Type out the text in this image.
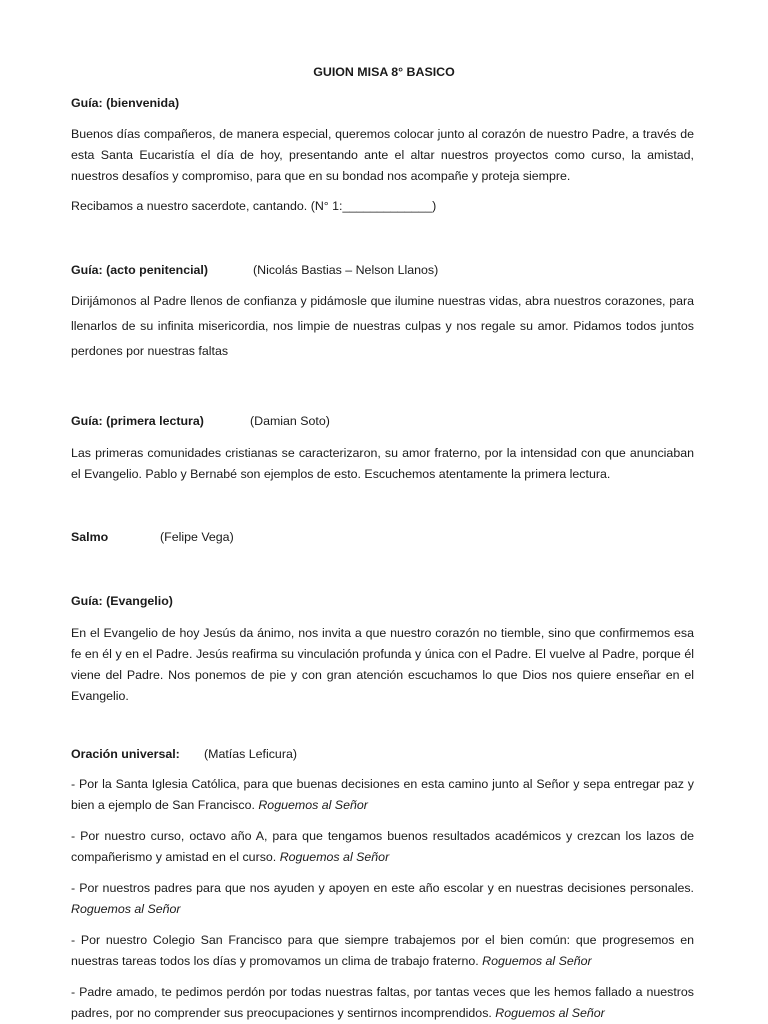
GUION MISA 8° BASICO
Guía: (bienvenida)
Buenos días compañeros, de manera especial, queremos colocar junto al corazón de nuestro Padre, a través de esta Santa Eucaristía el día de hoy, presentando ante el altar nuestros proyectos como curso, la amistad, nuestros desafíos y compromiso, para que en su bondad nos acompañe y proteja siempre.
Recibamos a nuestro sacerdote, cantando. (N° 1:_____________)
Guía: (acto penitencial)	(Nicolás Bastias – Nelson Llanos)
Dirijámonos al Padre llenos de confianza y pidámosle que ilumine nuestras vidas, abra nuestros corazones, para llenarlos de su infinita misericordia, nos limpie de nuestras culpas y nos regale su amor. Pidamos todos juntos perdones por nuestras faltas
Guía: (primera lectura)	(Damian Soto)
Las primeras comunidades cristianas se caracterizaron, su amor fraterno, por la intensidad con que anunciaban el Evangelio. Pablo y Bernabé son ejemplos de esto. Escuchemos atentamente la primera lectura.
Salmo	(Felipe Vega)
Guía: (Evangelio)
En el Evangelio de hoy Jesús da ánimo, nos invita a que nuestro corazón no tiemble, sino que confirmemos esa fe en él y en el Padre. Jesús reafirma su vinculación profunda y única con el Padre. El vuelve al Padre, porque él viene del Padre. Nos ponemos de pie y con gran atención escuchamos lo que Dios nos quiere enseñar en el Evangelio.
Oración universal: (Matías Leficura)
- Por la Santa Iglesia Católica, para que buenas decisiones en esta camino junto al Señor y sepa entregar paz y bien a ejemplo de San Francisco. Roguemos al Señor
- Por nuestro curso, octavo año A, para que tengamos buenos resultados académicos y crezcan los lazos de compañerismo y amistad en el curso. Roguemos al Señor
- Por nuestros padres para que nos ayuden y apoyen en este año escolar y en nuestras decisiones personales. Roguemos al Señor
- Por nuestro Colegio San Francisco para que siempre trabajemos por el bien común: que progresemos en nuestras tareas todos los días y promovamos un clima de trabajo fraterno. Roguemos al Señor
- Padre amado, te pedimos perdón por todas nuestras faltas, por tantas veces que les hemos fallado a nuestros padres, por no comprender sus preocupaciones y sentirnos incomprendidos. Roguemos al Señor
